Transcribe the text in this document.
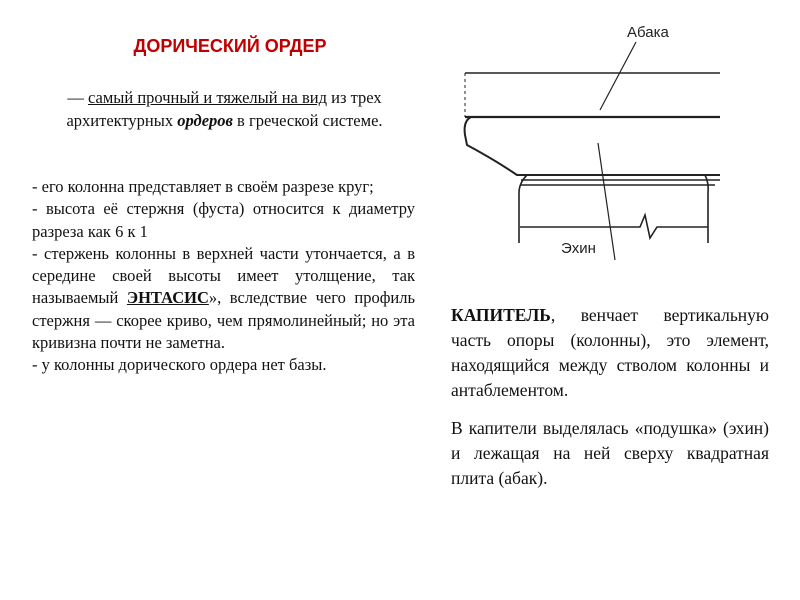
ДОРИЧЕСКИЙ ОРДЕР
— самый прочный и тяжелый на вид из трех архитектурных ордеров в греческой системе.

- его колонна представляет в своём разрезе круг;

- высота её стержня (фуста) относится к диаметру разреза как 6 к 1

- стержень колонны в верхней части утончается, а в середине своей высоты имеет утолщение, так называемый ЭНТАСИС», вследствие чего профиль стержня — скорее криво, чем прямолинейный; но эта кривизна почти не заметна.

- у колонны дорического ордера нет базы.

Абака
Эхин

КАПИТЕЛЬ, венчает вертикальную часть опоры (колонны), это элемент, находящийся между стволом колонны и антаблементом.

В капители выделялась «подушка» (эхин) и лежащая на ней сверху квадратная плита (абак).
